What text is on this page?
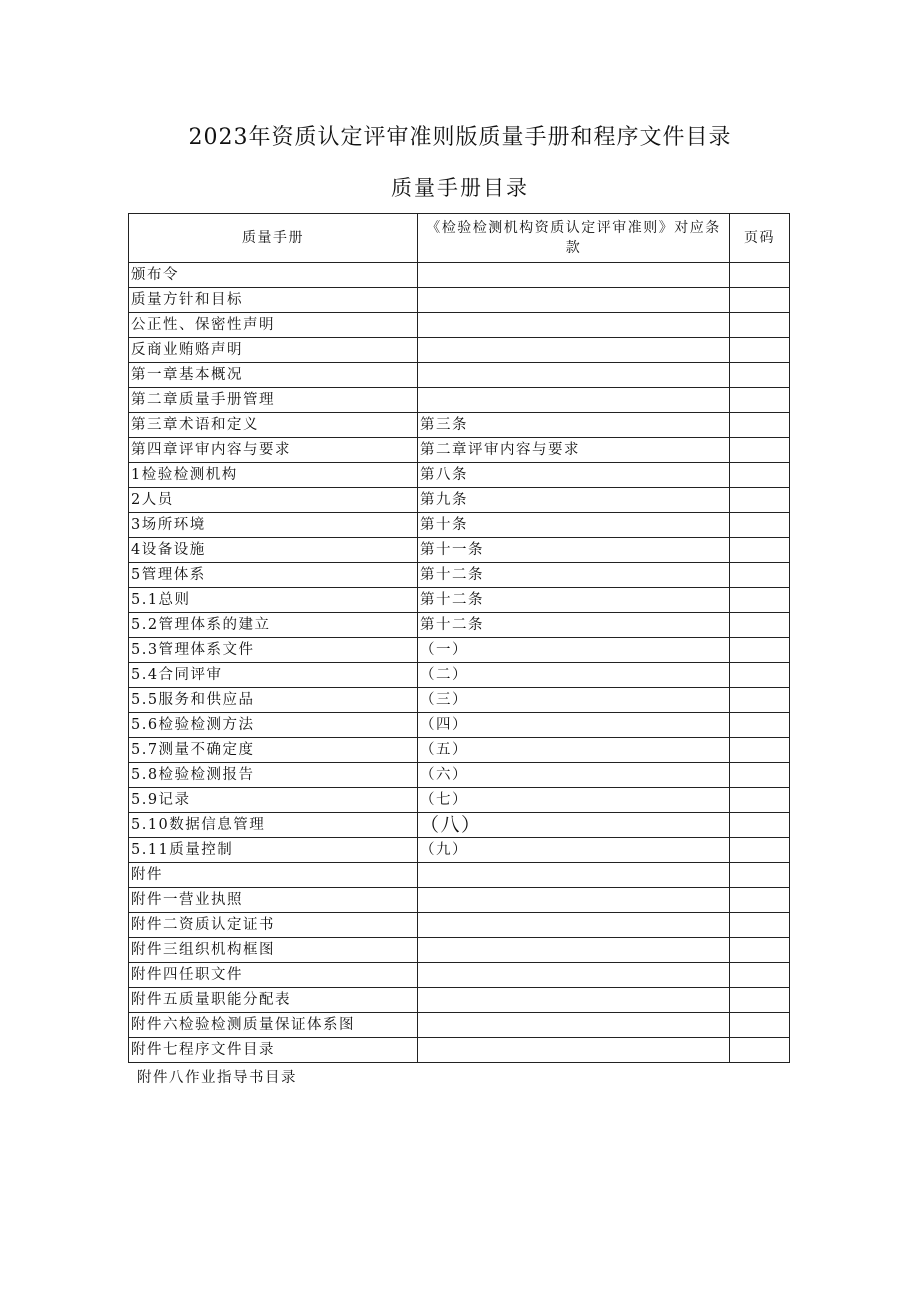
2023年资质认定评审准则版质量手册和程序文件目录
质量手册目录
质量手册	《检验检测机构资质认定评审准则》对应条款	页码
颁布令		
质量方针和目标		
公正性、保密性声明		
反商业贿赂声明		
第一章基本概况		
第二章质量手册管理		
第三章术语和定义	第三条	
第四章评审内容与要求	第二章评审内容与要求	
1检验检测机构	第八条	
2人员	第九条	
3场所环境	第十条	
4设备设施	第十一条	
5管理体系	第十二条	
5.1总则	第十二条	
5.2管理体系的建立	第十二条	
5.3管理体系文件	（一）	
5.4合同评审	（二）	
5.5服务和供应品	（三）	
5.6检验检测方法	（四）	
5.7测量不确定度	（五）	
5.8检验检测报告	（六）	
5.9记录	（七）	
5.10数据信息管理	（八）	
5.11质量控制	（九）	
附件		
附件一营业执照		
附件二资质认定证书		
附件三组织机构框图		
附件四任职文件		
附件五质量职能分配表		
附件六检验检测质量保证体系图		
附件七程序文件目录		
附件八作业指导书目录
